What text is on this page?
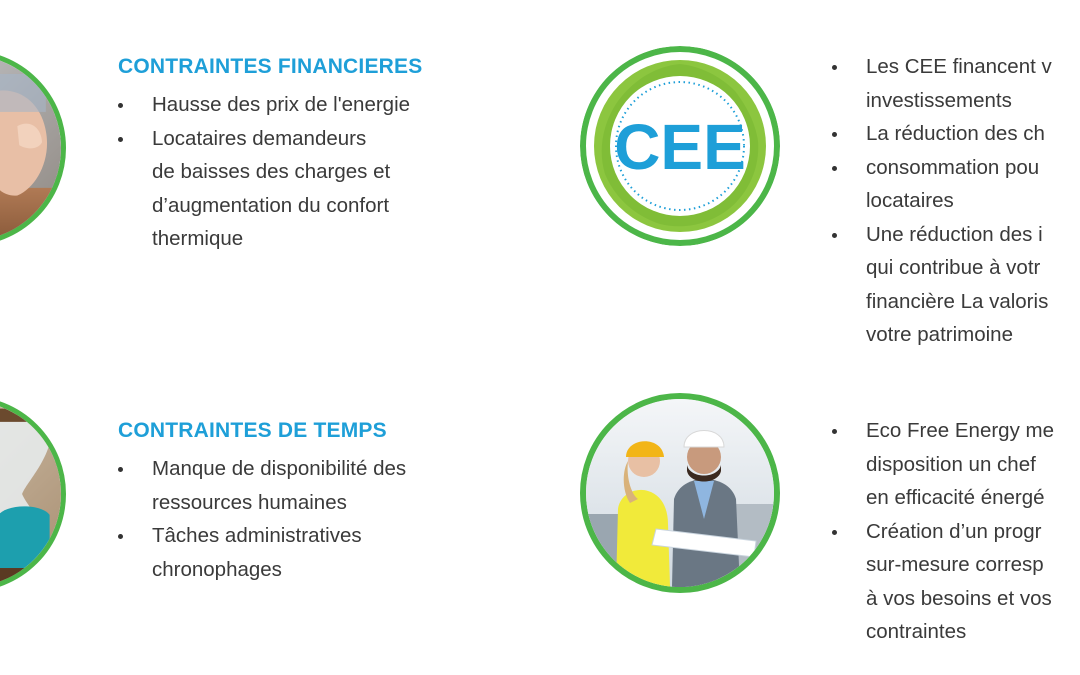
CONTRAINTES FINANCIERES
Hausse des prix de l'energie
Locataires demandeurs
de baisses des charges et
d’augmentation du confort
thermique
CEE
Les CEE financent v
investissements
La réduction des ch
consommation pou
locataires
Une réduction des i
qui contribue à votr
financière La valoris
votre patrimoine
CONTRAINTES DE TEMPS
Manque de disponibilité des
ressources humaines
Tâches administratives
chronophages
Eco Free Energy me
disposition un chef
en efficacité énergé
Création d’un progr
sur-mesure corresp
à vos besoins et vos
contraintes
